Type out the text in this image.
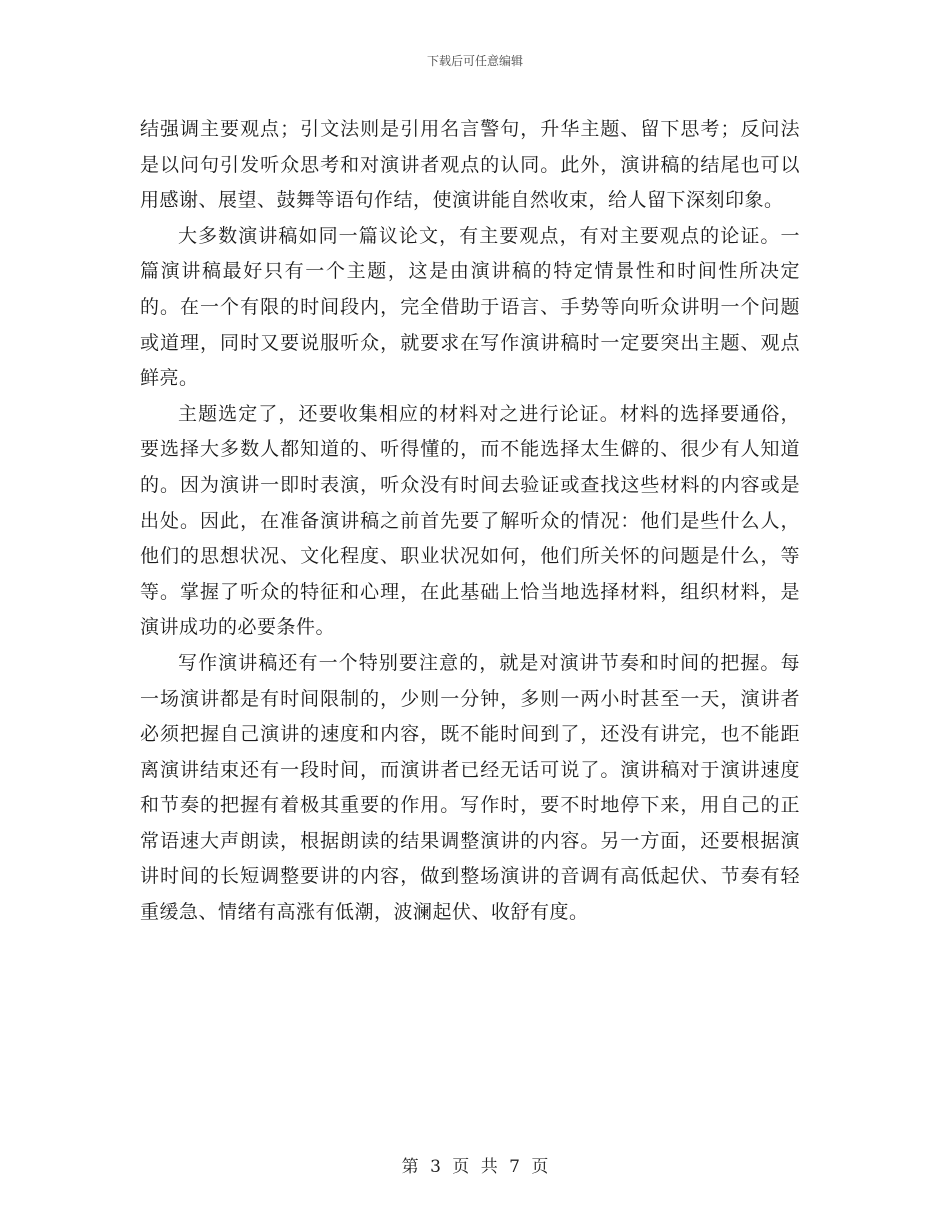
下载后可任意编辑

结强调主要观点；引文法则是引用名言警句，升华主题、留下思考；反问法是以问句引发听众思考和对演讲者观点的认同。此外，演讲稿的结尾也可以用感谢、展望、鼓舞等语句作结，使演讲能自然收束，给人留下深刻印象。

大多数演讲稿如同一篇议论文，有主要观点，有对主要观点的论证。一篇演讲稿最好只有一个主题，这是由演讲稿的特定情景性和时间性所决定的。在一个有限的时间段内，完全借助于语言、手势等向听众讲明一个问题或道理，同时又要说服听众，就要求在写作演讲稿时一定要突出主题、观点鲜亮。

主题选定了，还要收集相应的材料对之进行论证。材料的选择要通俗，要选择大多数人都知道的、听得懂的，而不能选择太生僻的、很少有人知道的。因为演讲一即时表演，听众没有时间去验证或查找这些材料的内容或是出处。因此，在准备演讲稿之前首先要了解听众的情况：他们是些什么人，他们的思想状况、文化程度、职业状况如何，他们所关怀的问题是什么，等等。掌握了听众的特征和心理，在此基础上恰当地选择材料，组织材料，是演讲成功的必要条件。

写作演讲稿还有一个特别要注意的，就是对演讲节奏和时间的把握。每一场演讲都是有时间限制的，少则一分钟，多则一两小时甚至一天，演讲者必须把握自己演讲的速度和内容，既不能时间到了，还没有讲完，也不能距离演讲结束还有一段时间，而演讲者已经无话可说了。演讲稿对于演讲速度和节奏的把握有着极其重要的作用。写作时，要不时地停下来，用自己的正常语速大声朗读，根据朗读的结果调整演讲的内容。另一方面，还要根据演讲时间的长短调整要讲的内容，做到整场演讲的音调有高低起伏、节奏有轻重缓急、情绪有高涨有低潮，波澜起伏、收舒有度。

第 3 页 共 7 页
